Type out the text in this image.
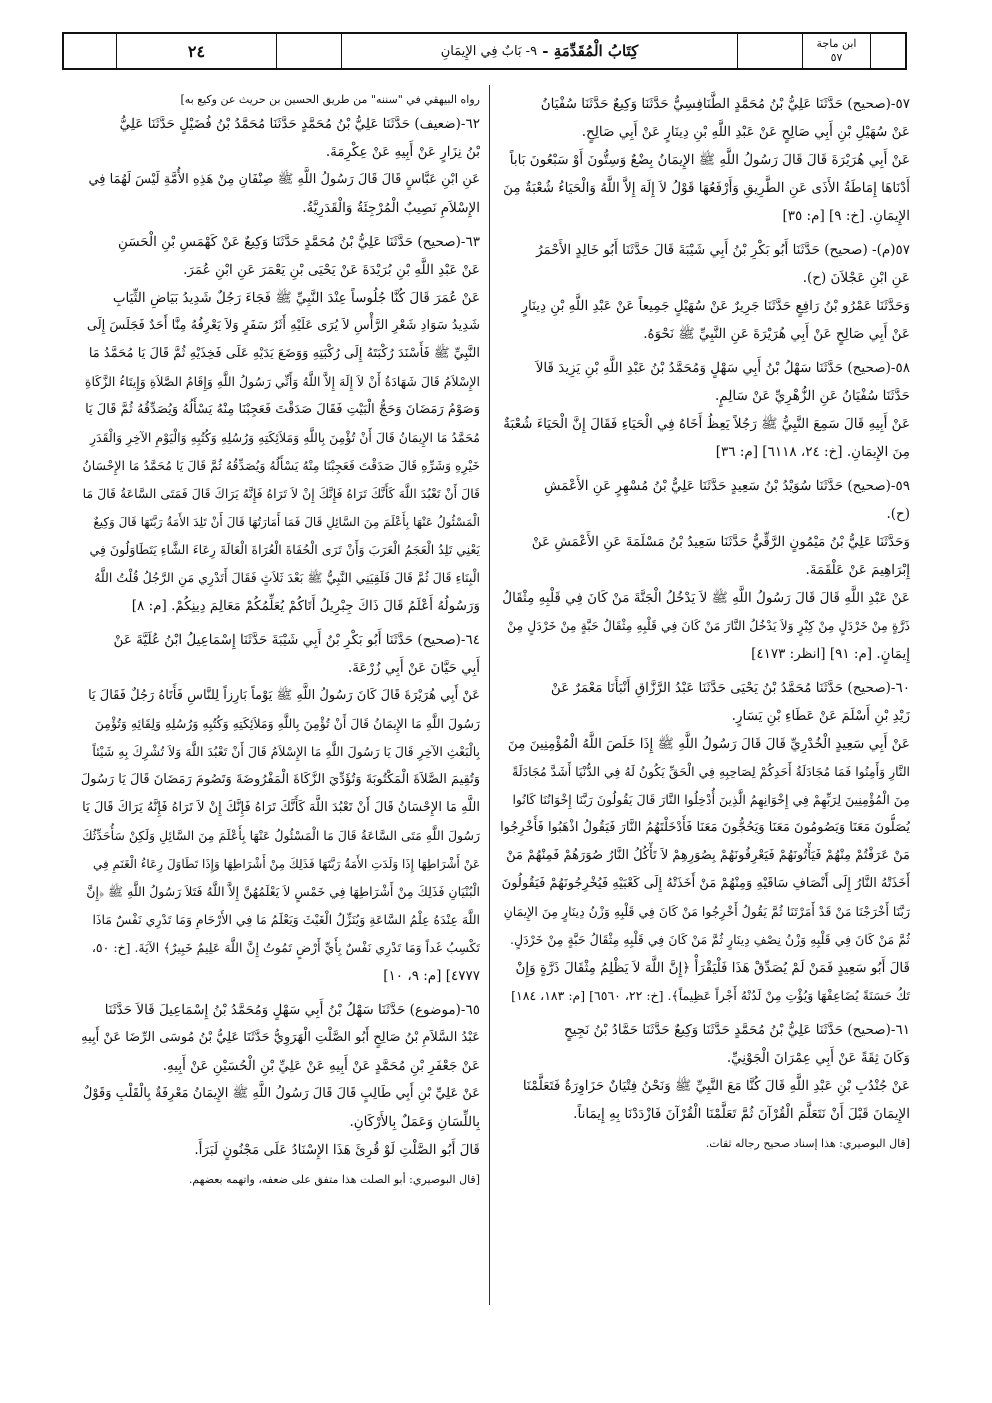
ابن ماجة
٥٧
كِتَابُ الْمُقَدِّمَةِ
-
٩- بَابٌ فِي الإِيمَانِ
٢٤
٥٧-(صحيح) حَدَّثَنَا عَلِيُّ بْنُ مُحَمَّدٍ الطَّنَافِسِيُّ حَدَّثَنَا وَكِيعٌ حَدَّثَنَا سُفْيَانُ
عَنْ سُهَيْلِ بْنِ أَبِي صَالِحٍ عَنْ عَبْدِ اللَّهِ بْنِ دِينَارٍ عَنْ أَبِي صَالِحٍ.
عَنْ أَبِي هُرَيْرَةَ قَالَ قَالَ رَسُولُ اللَّهِ ﷺ الإِيمَانُ بِضْعٌ وَسِتُّونَ أَوْ سَبْعُونَ بَاباً
أَدْنَاهَا إِمَاطَةُ الأَذَى عَنِ الطَّرِيقِ وَأَرْفَعُهَا قَوْلُ لاَ إِلَهَ إِلاَّ اللَّهُ وَالْحَيَاءُ شُعْبَةٌ مِنَ
الإِيمَانِ. [خ: ٩] [م: ٣٥]
٥٧(م)- (صحيح) حَدَّثَنَا أَبُو بَكْرِ بْنُ أَبِي شَيْبَةَ قَالَ حَدَّثَنَا أَبُو خَالِدٍ الأَحْمَرُ
عَنِ ابْنِ عَجْلاَنَ (ح).
وَحَدَّثَنَا عَمْرُو بْنُ رَافِعٍ حَدَّثَنَا جَرِيرٌ عَنْ سُهَيْلٍ جَمِيعاً عَنْ عَبْدِ اللَّهِ بْنِ دِينَارٍ
عَنْ أَبِي صَالِحٍ عَنْ أَبِي هُرَيْرَةَ عَنِ النَّبِيِّ ﷺ نَحْوَهُ.
٥٨-(صحيح) حَدَّثَنَا سَهْلُ بْنُ أَبِي سَهْلٍ وَمُحَمَّدُ بْنُ عَبْدِ اللَّهِ بْنِ يَزِيدَ قَالاَ
حَدَّثَنَا سُفْيَانُ عَنِ الزُّهْرِيِّ عَنْ سَالِمٍ.
عَنْ أَبِيهِ قَالَ سَمِعَ النَّبِيُّ ﷺ رَجُلاً يَعِظُ أَخَاهُ فِي الْحَيَاءِ فَقَالَ إِنَّ الْحَيَاءَ شُعْبَةٌ
مِنَ الإِيمَانِ. [خ: ٢٤، ٦١١٨] [م: ٣٦]
٥٩-(صحيح) حَدَّثَنَا سُوَيْدُ بْنُ سَعِيدٍ حَدَّثَنَا عَلِيُّ بْنُ مُسْهِرٍ عَنِ الأَعْمَشِ
(ح).
وَحَدَّثَنَا عَلِيُّ بْنُ مَيْمُونٍ الرَّقِّيُّ حَدَّثَنَا سَعِيدُ بْنُ مَسْلَمَةَ عَنِ الأَعْمَشِ عَنْ
إِبْرَاهِيمَ عَنْ عَلْقَمَةَ.
عَنْ عَبْدِ اللَّهِ قَالَ قَالَ رَسُولُ اللَّهِ ﷺ لاَ يَدْخُلُ الْجَنَّةَ مَنْ كَانَ فِي قَلْبِهِ مِثْقَالُ
ذَرَّةٍ مِنْ خَرْدَلٍ مِنْ كِبْرٍ وَلاَ يَدْخُلُ النَّارَ مَنْ كَانَ فِي قَلْبِهِ مِثْقَالُ حَبَّةٍ مِنْ خَرْدَلٍ مِنْ
إِيمَانٍ. [م: ٩١] [انظر: ٤١٧٣]
٦٠-(صحيح) حَدَّثَنَا مُحَمَّدُ بْنُ يَحْيَى حَدَّثَنَا عَبْدُ الرَّزَّاقِ أَنْبَأَنَا مَعْمَرٌ عَنْ
زَيْدِ بْنِ أَسْلَمَ عَنْ عَطَاءِ بْنِ يَسَارٍ.
عَنْ أَبِي سَعِيدٍ الْخُدْرِيِّ قَالَ قَالَ رَسُولُ اللَّهِ ﷺ إِذَا خَلَصَ اللَّهُ الْمُؤْمِنِينَ مِنَ
النَّارِ وَأَمِنُوا فَمَا مُجَادَلَةُ أَحَدِكُمْ لِصَاحِبِهِ فِي الْحَقِّ يَكُونُ لَهُ فِي الدُّنْيَا أَشَدَّ مُجَادَلَةً
مِنَ الْمُؤْمِنِينَ لِرَبِّهِمْ فِي إِخْوَانِهِمُ الَّذِينَ أُدْخِلُوا النَّارَ قَالَ يَقُولُونَ رَبَّنَا إِخْوَانُنَا كَانُوا
يُصَلُّونَ مَعَنَا وَيَصُومُونَ مَعَنَا وَيَحُجُّونَ مَعَنَا فَأَدْخَلْتَهُمُ النَّارَ فَيَقُولُ اذْهَبُوا فَأَخْرِجُوا
مَنْ عَرَفْتُمْ مِنْهُمْ فَيَأْتُونَهُمْ فَيَعْرِفُونَهُمْ بِصُوَرِهِمْ لاَ تَأْكُلُ النَّارُ صُوَرَهُمْ فَمِنْهُمْ مَنْ
أَخَذَتْهُ النَّارُ إِلَى أَنْصَافِ سَاقَيْهِ وَمِنْهُمْ مَنْ أَخَذَتْهُ إِلَى كَعْبَيْهِ فَيُخْرِجُونَهُمْ فَيَقُولُونَ
رَبَّنَا أَخْرَجْنَا مَنْ قَدْ أَمَرْتَنَا ثُمَّ يَقُولُ أَخْرِجُوا مَنْ كَانَ فِي قَلْبِهِ وَزْنُ دِينَارٍ مِنَ الإِيمَانِ
ثُمَّ مَنْ كَانَ فِي قَلْبِهِ وَزْنُ نِصْفِ دِينَارٍ ثُمَّ مَنْ كَانَ فِي قَلْبِهِ مِثْقَالُ حَبَّةٍ مِنْ خَرْدَلٍ.
قَالَ أَبُو سَعِيدٍ فَمَنْ لَمْ يُصَدِّقْ هَذَا فَلْيَقْرَأْ ﴿إِنَّ اللَّهَ لاَ يَظْلِمُ مِثْقَالَ ذَرَّةٍ وَإِنْ
تَكُ حَسَنَةً يُضَاعِفْهَا وَيُؤْتِ مِنْ لَدُنْهُ أَجْراً عَظِيماً﴾. [خ: ٢٢، ٦٥٦٠] [م: ١٨٣، ١٨٤]
٦١-(صحيح) حَدَّثَنَا عَلِيُّ بْنُ مُحَمَّدٍ حَدَّثَنَا وَكِيعٌ حَدَّثَنَا حَمَّادُ بْنُ نَجِيحٍ
وَكَانَ ثِقَةً عَنْ أَبِي عِمْرَانَ الْجَوْنِيِّ.
عَنْ جُنْدُبِ بْنِ عَبْدِ اللَّهِ قَالَ كُنَّا مَعَ النَّبِيِّ ﷺ وَنَحْنُ فِتْيَانٌ حَزَاوِرَةٌ فَتَعَلَّمْنَا
الإِيمَانَ قَبْلَ أَنْ نَتَعَلَّمَ الْقُرْآنَ ثُمَّ تَعَلَّمْنَا الْقُرْآنَ فَازْدَدْنَا بِهِ إِيمَاناً.
[قال البوصيري: هذا إسناد صحيح رجاله ثقات.
رواه البيهقي في "سننه" من طريق الحسين بن حريث عن وكيع به]
٦٢-(ضعيف) حَدَّثَنَا عَلِيُّ بْنُ مُحَمَّدٍ حَدَّثَنَا مُحَمَّدُ بْنُ فُضَيْلٍ حَدَّثَنَا عَلِيُّ
بْنُ نِزَارٍ عَنْ أَبِيهِ عَنْ عِكْرِمَةَ.
عَنِ ابْنِ عَبَّاسٍ قَالَ قَالَ رَسُولُ اللَّهِ ﷺ صِنْفَانِ مِنْ هَذِهِ الأُمَّةِ لَيْسَ لَهُمَا فِي
الإِسْلاَمِ نَصِيبٌ الْمُرْجِئَةُ وَالْقَدَرِيَّةُ.
٦٣-(صحيح) حَدَّثَنَا عَلِيُّ بْنُ مُحَمَّدٍ حَدَّثَنَا وَكِيعٌ عَنْ كَهْمَسِ بْنِ الْحَسَنِ
عَنْ عَبْدِ اللَّهِ بْنِ بُرَيْدَةَ عَنْ يَحْيَى بْنِ يَعْمَرَ عَنِ ابْنِ عُمَرَ.
عَنْ عُمَرَ قَالَ كُنَّا جُلُوساً عِنْدَ النَّبِيِّ ﷺ فَجَاءَ رَجُلٌ شَدِيدُ بَيَاضِ الثِّيَابِ
شَدِيدُ سَوَادِ شَعْرِ الرَّأْسِ لاَ يُرَى عَلَيْهِ أَثَرُ سَفَرٍ وَلاَ يَعْرِفُهُ مِنَّا أَحَدٌ فَجَلَسَ إِلَى
النَّبِيِّ ﷺ فَأَسْنَدَ رُكْبَتَهُ إِلَى رُكْبَتِهِ وَوَضَعَ يَدَيْهِ عَلَى فَخِذَيْهِ ثُمَّ قَالَ يَا مُحَمَّدُ مَا
الإِسْلاَمُ قَالَ شَهَادَةُ أَنْ لاَ إِلَهَ إِلاَّ اللَّهُ وَأَنِّي رَسُولُ اللَّهِ وَإِقَامُ الصَّلاَةِ وَإِيتَاءُ الزَّكَاةِ
وَصَوْمُ رَمَضَانَ وَحَجُّ الْبَيْتِ فَقَالَ صَدَقْتَ فَعَجِبْنَا مِنْهُ يَسْأَلُهُ وَيُصَدِّقُهُ ثُمَّ قَالَ يَا
مُحَمَّدُ مَا الإِيمَانُ قَالَ أَنْ تُؤْمِنَ بِاللَّهِ وَمَلاَئِكَتِهِ وَرُسُلِهِ وَكُتُبِهِ وَالْيَوْمِ الآخِرِ وَالْقَدَرِ
خَيْرِهِ وَشَرِّهِ قَالَ صَدَقْتَ فَعَجِبْنَا مِنْهُ يَسْأَلُهُ وَيُصَدِّقُهُ ثُمَّ قَالَ يَا مُحَمَّدُ مَا الإِحْسَانُ
قَالَ أَنْ تَعْبُدَ اللَّهَ كَأَنَّكَ تَرَاهُ فَإِنَّكَ إِنْ لاَ تَرَاهُ فَإِنَّهُ يَرَاكَ قَالَ فَمَتَى السَّاعَةُ قَالَ مَا
الْمَسْئُولُ عَنْهَا بِأَعْلَمَ مِنَ السَّائِلِ قَالَ فَمَا أَمَارَتُهَا قَالَ أَنْ تَلِدَ الأَمَةُ رَبَّتَهَا قَالَ وَكِيعٌ
يَعْنِي تَلِدُ الْعَجَمُ الْعَرَبَ وَأَنْ تَرَى الْحُفَاةَ الْعُرَاةَ الْعَالَةَ رِعَاءَ الشَّاءِ يَتَطَاوَلُونَ فِي
الْبِنَاءِ قَالَ ثُمَّ قَالَ فَلَقِيَنِي النَّبِيُّ ﷺ بَعْدَ ثَلاَثٍ فَقَالَ أَتَدْرِي مَنِ الرَّجُلُ قُلْتُ اللَّهُ
وَرَسُولُهُ أَعْلَمُ قَالَ ذَاكَ جِبْرِيلُ أَتَاكُمْ يُعَلِّمُكُمْ مَعَالِمَ دِينِكُمْ. [م: ٨]
٦٤-(صحيح) حَدَّثَنَا أَبُو بَكْرِ بْنُ أَبِي شَيْبَةَ حَدَّثَنَا إِسْمَاعِيلُ ابْنُ عُلَيَّةَ عَنْ
أَبِي حَيَّانَ عَنْ أَبِي زُرْعَةَ.
عَنْ أَبِي هُرَيْرَةَ قَالَ كَانَ رَسُولُ اللَّهِ ﷺ يَوْماً بَارِزاً لِلنَّاسِ فَأَتَاهُ رَجُلٌ فَقَالَ يَا
رَسُولَ اللَّهِ مَا الإِيمَانُ قَالَ أَنْ تُؤْمِنَ بِاللَّهِ وَمَلاَئِكَتِهِ وَكُتُبِهِ وَرُسُلِهِ وَلِقَائِهِ وَتُؤْمِنَ
بِالْبَعْثِ الآخِرِ قَالَ يَا رَسُولَ اللَّهِ مَا الإِسْلاَمُ قَالَ أَنْ تَعْبُدَ اللَّهَ وَلاَ تُشْرِكَ بِهِ شَيْئاً
وَتُقِيمَ الصَّلاَةَ الْمَكْتُوبَةَ وَتُؤَدِّيَ الزَّكَاةَ الْمَفْرُوضَةَ وَتَصُومَ رَمَضَانَ قَالَ يَا رَسُولَ
اللَّهِ مَا الإِحْسَانُ قَالَ أَنْ تَعْبُدَ اللَّهَ كَأَنَّكَ تَرَاهُ فَإِنَّكَ إِنْ لاَ تَرَاهُ فَإِنَّهُ يَرَاكَ قَالَ يَا
رَسُولَ اللَّهِ مَتَى السَّاعَةُ قَالَ مَا الْمَسْئُولُ عَنْهَا بِأَعْلَمَ مِنَ السَّائِلِ وَلَكِنْ سَأُحَدِّثُكَ
عَنْ أَشْرَاطِهَا إِذَا وَلَدَتِ الأَمَةُ رَبَّتَهَا فَذَلِكَ مِنْ أَشْرَاطِهَا وَإِذَا تَطَاوَلَ رِعَاءُ الْغَنَمِ فِي
الْبُنْيَانِ فَذَلِكَ مِنْ أَشْرَاطِهَا فِي خَمْسٍ لاَ يَعْلَمُهُنَّ إِلاَّ اللَّهُ فَتَلاَ رَسُولُ اللَّهِ ﷺ ﴿إِنَّ
اللَّهَ عِنْدَهُ عِلْمُ السَّاعَةِ وَيُنَزِّلُ الْغَيْثَ وَيَعْلَمُ مَا فِي الأَرْحَامِ وَمَا تَدْرِي نَفْسٌ مَاذَا
تَكْسِبُ غَداً وَمَا تَدْرِي نَفْسٌ بِأَيِّ أَرْضٍ تَمُوتُ إِنَّ اللَّهَ عَلِيمٌ خَبِيرٌ﴾ الآيَةَ. [خ: ٥٠،
٤٧٧٧] [م: ٩، ١٠]
٦٥-(موضوع) حَدَّثَنَا سَهْلُ بْنُ أَبِي سَهْلٍ وَمُحَمَّدُ بْنُ إِسْمَاعِيلَ قَالاَ حَدَّثَنَا
عَبْدُ السَّلاَمِ بْنُ صَالِحٍ أَبُو الصَّلْتِ الْهَرَوِيُّ حَدَّثَنَا عَلِيُّ بْنُ مُوسَى الرِّضَا عَنْ أَبِيهِ
عَنْ جَعْفَرِ بْنِ مُحَمَّدٍ عَنْ أَبِيهِ عَنْ عَلِيِّ بْنِ الْحُسَيْنِ عَنْ أَبِيهِ.
عَنْ عَلِيِّ بْنِ أَبِي طَالِبٍ قَالَ قَالَ رَسُولُ اللَّهِ ﷺ الإِيمَانُ مَعْرِفَةٌ بِالْقَلْبِ وَقَوْلٌ
بِاللِّسَانِ وَعَمَلٌ بِالأَرْكَانِ.
قَالَ أَبُو الصَّلْتِ لَوْ قُرِئَ هَذَا الإِسْنَادُ عَلَى مَجْنُونٍ لَبَرَأَ.
[قال البوصيري: أبو الصلت هذا متفق على ضعفه، واتهمه بعضهم.
